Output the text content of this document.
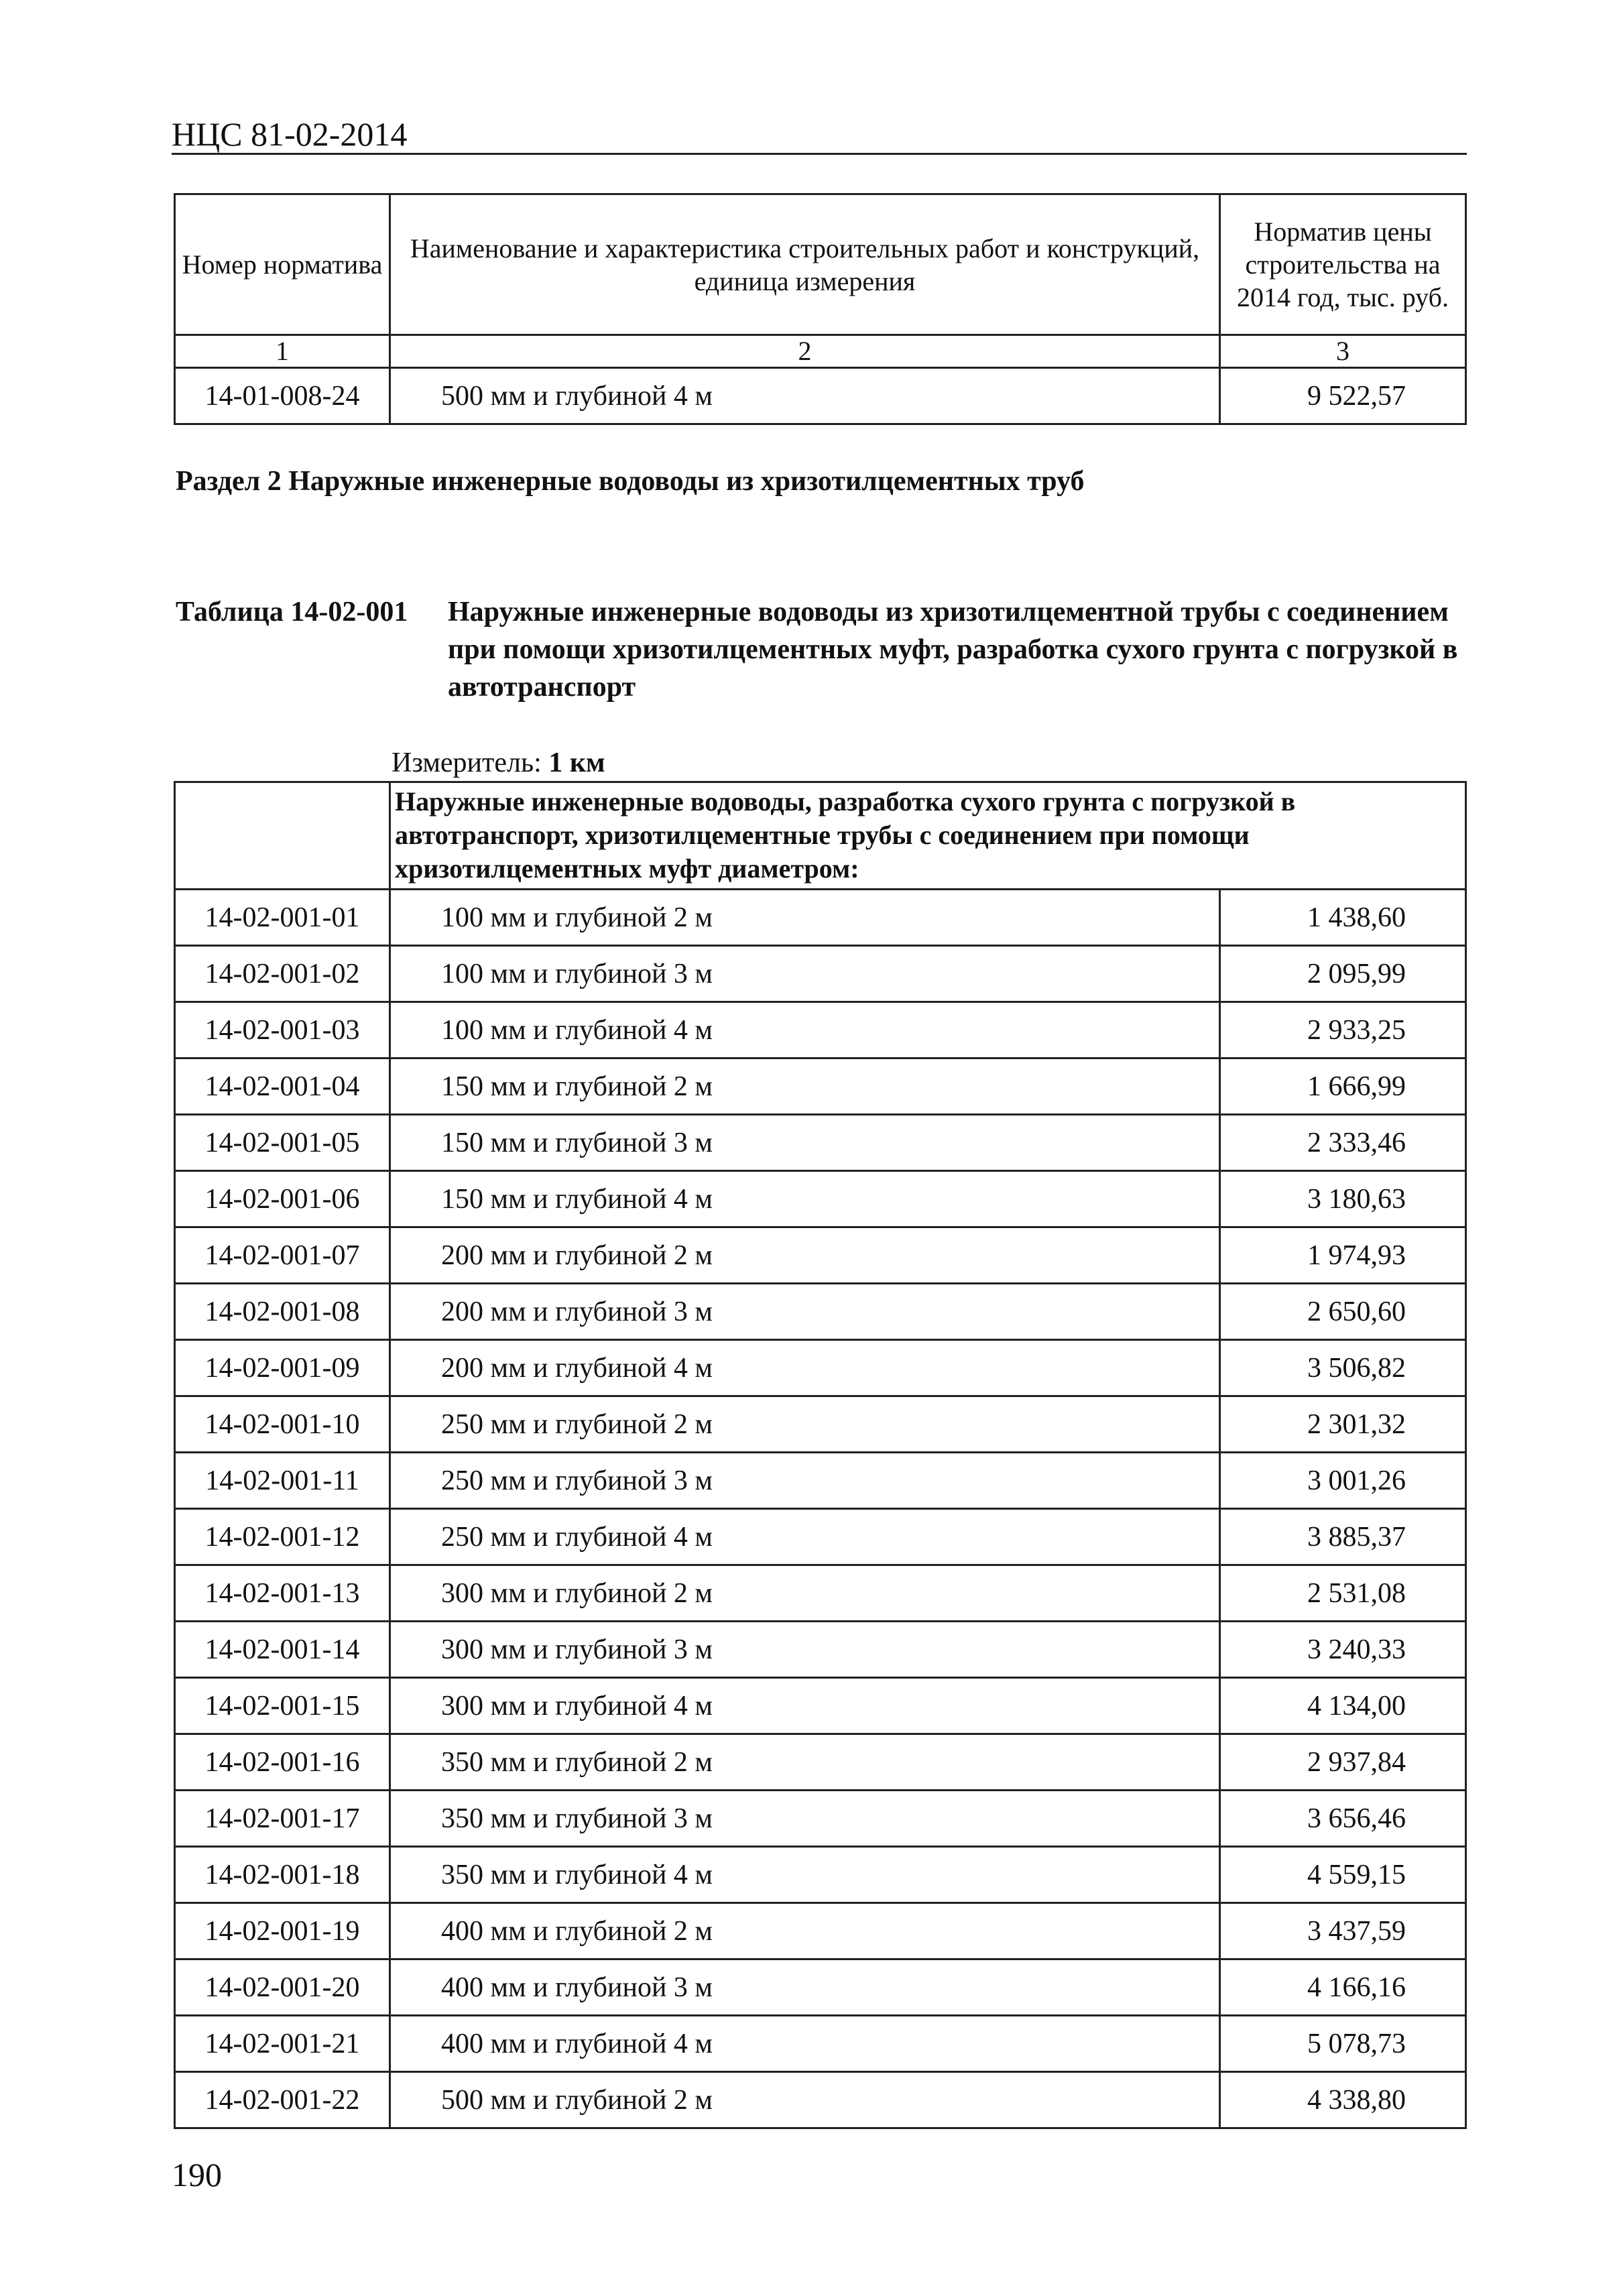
НЦС 81-02-2014
Номер норматива	Наименование и характеристика строительных работ и конструкций, единица измерения	Норматив цены строительства на 2014 год, тыс. руб.
1	2	3
14-01-008-24	500 мм и глубиной 4 м	9 522,57
Раздел 2 Наружные инженерные водоводы из хризотилцементных труб
Таблица 14-02-001 Наружные инженерные водоводы из хризотилцементной трубы с соединением при помощи хризотилцементных муфт, разработка сухого грунта с погрузкой в автотранспорт
Измеритель: 1 км
	Наружные инженерные водоводы, разработка сухого грунта с погрузкой в автотранспорт, хризотилцементные трубы с соединением при помощи хризотилцементных муфт диаметром:	
14-02-001-01	100 мм и глубиной 2 м	1 438,60
14-02-001-02	100 мм и глубиной 3 м	2 095,99
14-02-001-03	100 мм и глубиной 4 м	2 933,25
14-02-001-04	150 мм и глубиной 2 м	1 666,99
14-02-001-05	150 мм и глубиной 3 м	2 333,46
14-02-001-06	150 мм и глубиной 4 м	3 180,63
14-02-001-07	200 мм и глубиной 2 м	1 974,93
14-02-001-08	200 мм и глубиной 3 м	2 650,60
14-02-001-09	200 мм и глубиной 4 м	3 506,82
14-02-001-10	250 мм и глубиной 2 м	2 301,32
14-02-001-11	250 мм и глубиной 3 м	3 001,26
14-02-001-12	250 мм и глубиной 4 м	3 885,37
14-02-001-13	300 мм и глубиной 2 м	2 531,08
14-02-001-14	300 мм и глубиной 3 м	3 240,33
14-02-001-15	300 мм и глубиной 4 м	4 134,00
14-02-001-16	350 мм и глубиной 2 м	2 937,84
14-02-001-17	350 мм и глубиной 3 м	3 656,46
14-02-001-18	350 мм и глубиной 4 м	4 559,15
14-02-001-19	400 мм и глубиной 2 м	3 437,59
14-02-001-20	400 мм и глубиной 3 м	4 166,16
14-02-001-21	400 мм и глубиной 4 м	5 078,73
14-02-001-22	500 мм и глубиной 2 м	4 338,80
190
